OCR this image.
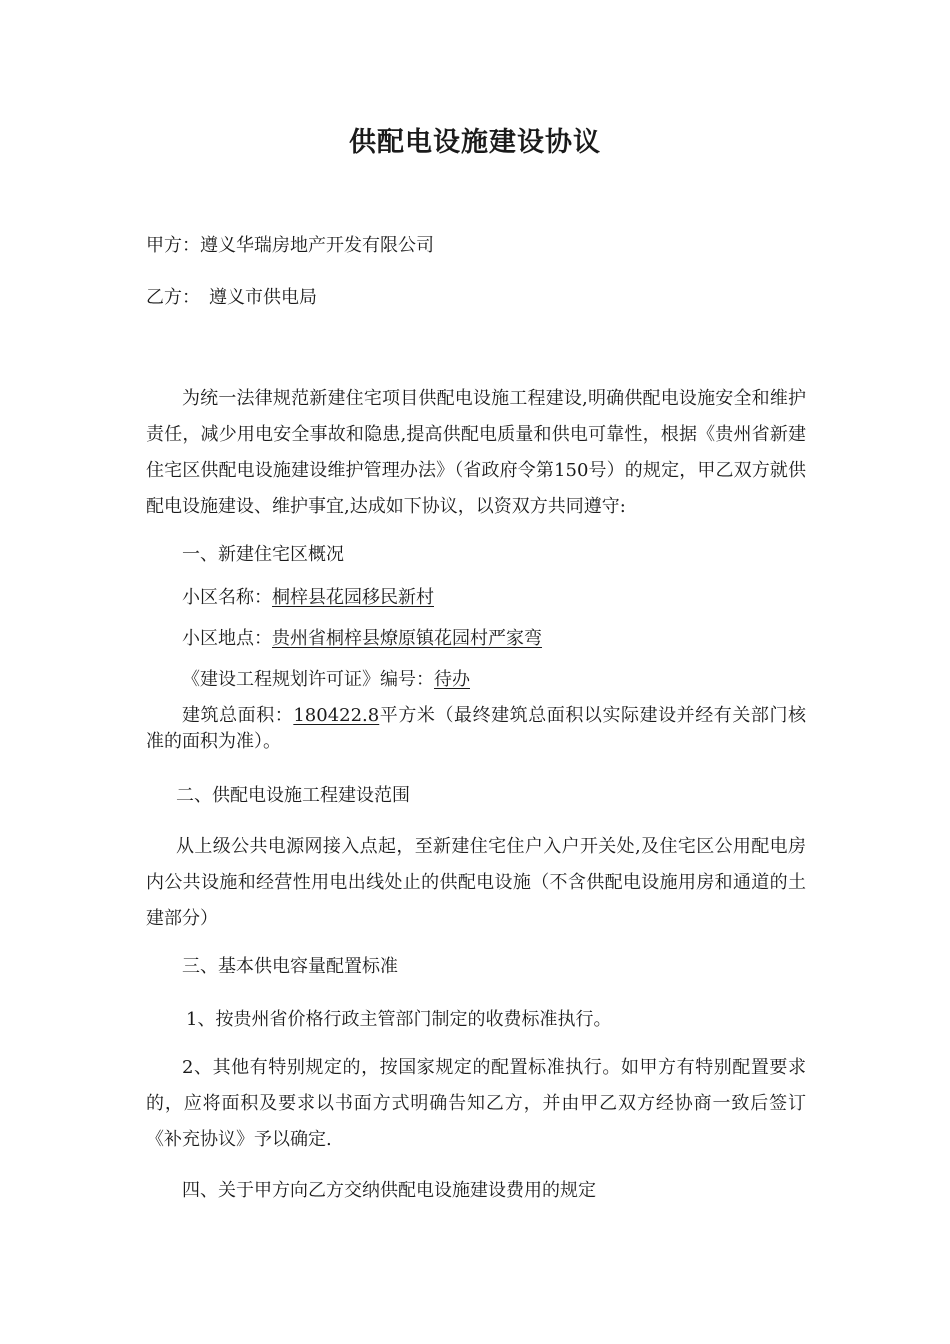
供配电设施建设协议
甲方：遵义华瑞房地产开发有限公司
乙方：　遵义市供电局
为统一法律规范新建住宅项目供配电设施工程建设,明确供配电设施安全和维护责任，减少用电安全事故和隐患,提高供配电质量和供电可靠性，根据《贵州省新建住宅区供配电设施建设维护管理办法》（省政府令第150号）的规定，甲乙双方就供配电设施建设、维护事宜,达成如下协议，以资双方共同遵守:
一、新建住宅区概况
小区名称：桐梓县花园移民新村
小区地点：贵州省桐梓县燎原镇花园村严家弯
《建设工程规划许可证》编号：待办
建筑总面积：180422.8平方米（最终建筑总面积以实际建设并经有关部门核准的面积为准）。
二、供配电设施工程建设范围
从上级公共电源网接入点起，至新建住宅住户入户开关处,及住宅区公用配电房内公共设施和经营性用电出线处止的供配电设施（不含供配电设施用房和通道的土建部分）
三、基本供电容量配置标准
1、按贵州省价格行政主管部门制定的收费标准执行。
2、其他有特别规定的，按国家规定的配置标准执行。如甲方有特别配置要求的，应将面积及要求以书面方式明确告知乙方，并由甲乙双方经协商一致后签订《补充协议》予以确定.
四、关于甲方向乙方交纳供配电设施建设费用的规定
